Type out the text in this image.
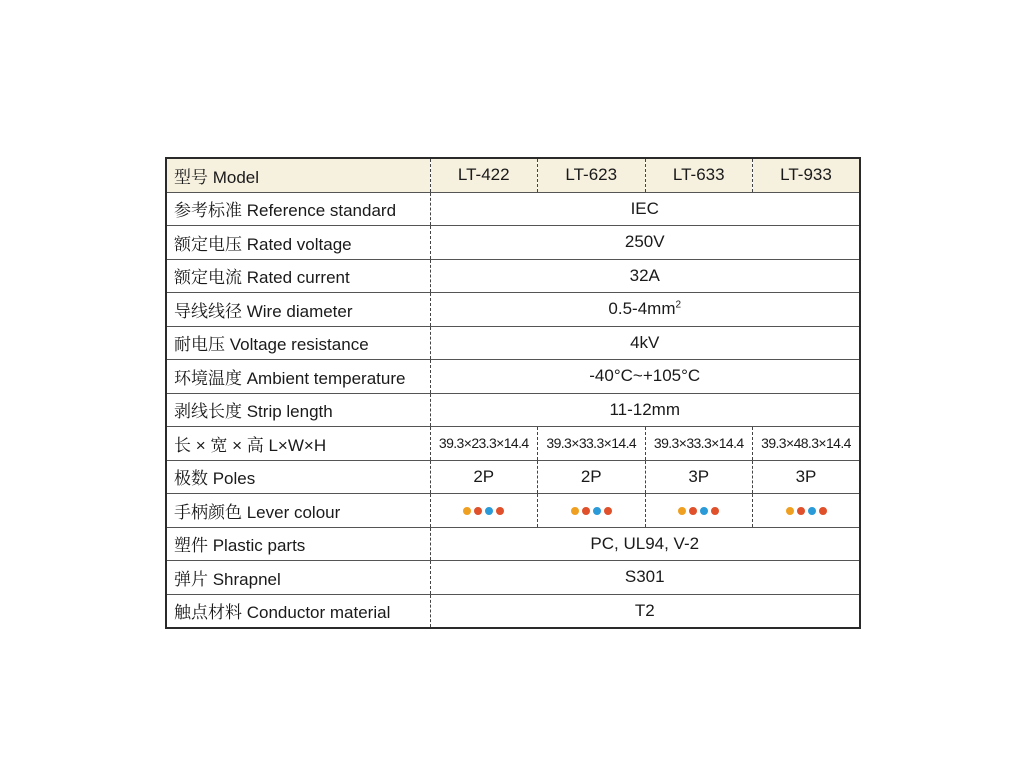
型号 Model	LT-422	LT-623	LT-633	LT-933
参考标准 Reference standard	IEC			
额定电压 Rated voltage	250V			
额定电流 Rated current	32A			
导线线径 Wire diameter	$0.5-4mm^2$
耐电压 Voltage resistance	4kV			
环境温度 Ambient temperature	-40°C~+105°C			
剥线长度 Strip length	11-12mm			
长 × 宽 × 高 L×W×H	39.3×23.3×14.4	39.3×33.3×14.4	39.3×33.3×14.4	39.3×48.3×14.4
极数 Poles	2P	2P	3P	3P
手柄颜色 Lever colour	

塑件 Plastic parts	PC, UL94, V-2			
弹片 Shrapnel	S301			
触点材料 Conductor material	T2			
